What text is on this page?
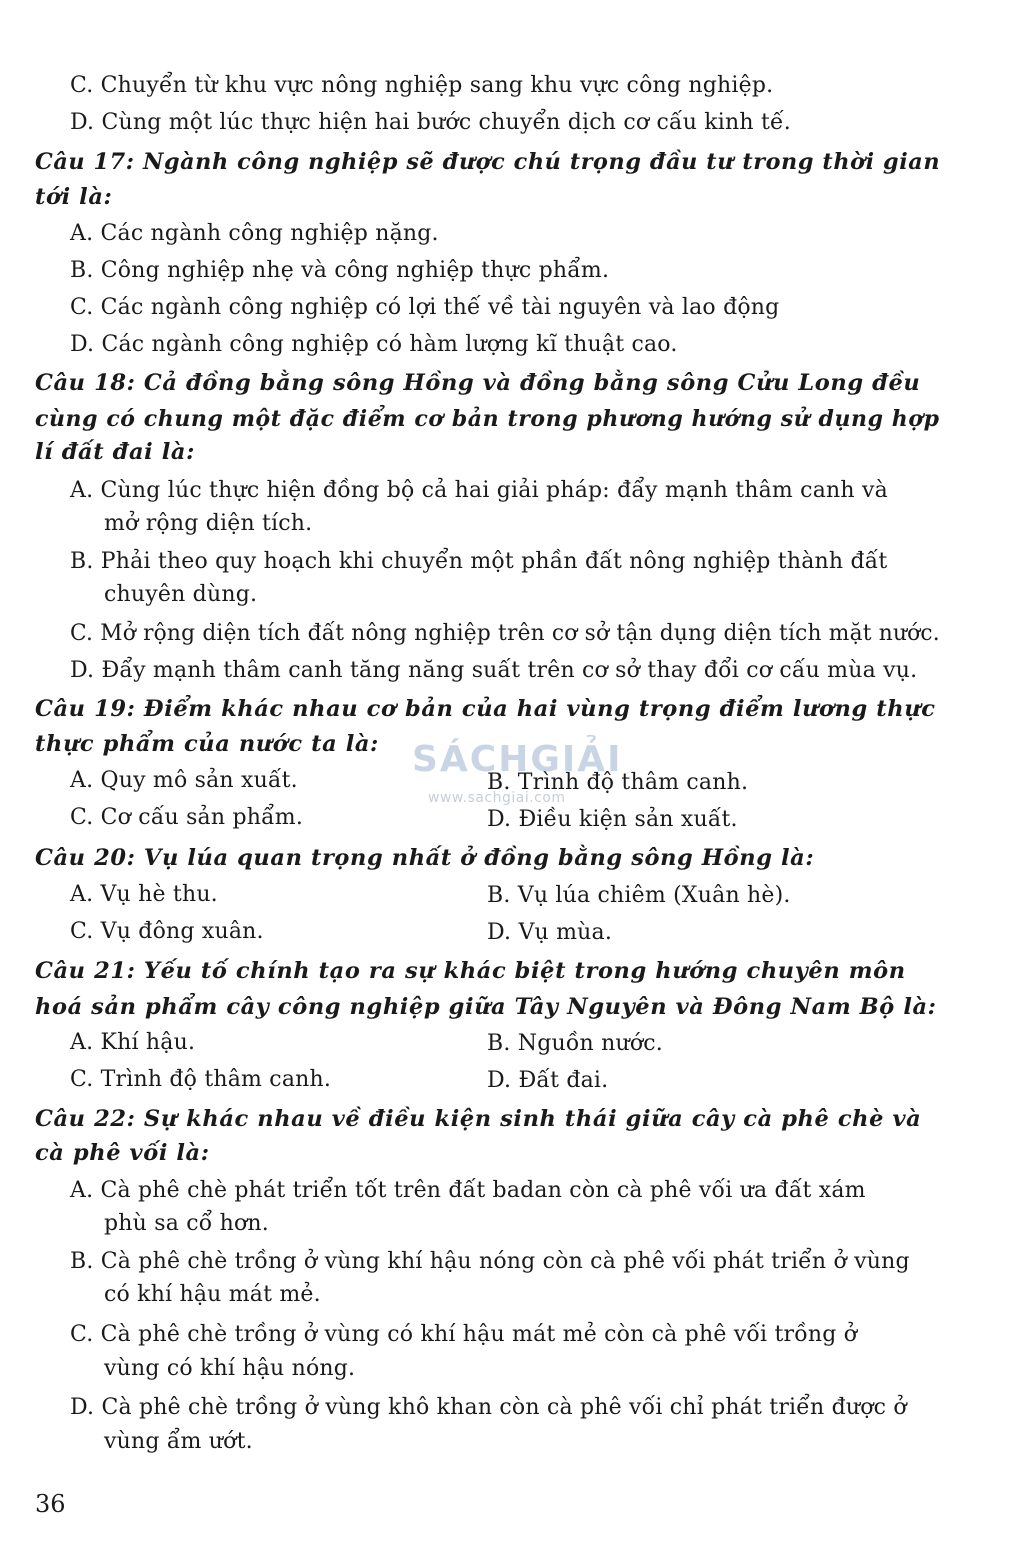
C. Chuyển từ khu vực nông nghiệp sang khu vực công nghiệp.
D. Cùng một lúc thực hiện hai bước chuyển dịch cơ cấu kinh tế.
Câu 17: Ngành công nghiệp sẽ được chú trọng đầu tư trong thời gian
tới là:
A. Các ngành công nghiệp nặng.
B. Công nghiệp nhẹ và công nghiệp thực phẩm.
C. Các ngành công nghiệp có lợi thế về tài nguyên và lao động
D. Các ngành công nghiệp có hàm lượng kĩ thuật cao.
Câu 18: Cả đồng bằng sông Hồng và đồng bằng sông Cửu Long đều
cùng có chung một đặc điểm cơ bản trong phương hướng sử dụng hợp
lí đất đai là:
A. Cùng lúc thực hiện đồng bộ cả hai giải pháp: đẩy mạnh thâm canh và
mở rộng diện tích.
B. Phải theo quy hoạch khi chuyển một phần đất nông nghiệp thành đất
chuyên dùng.
C. Mở rộng diện tích đất nông nghiệp trên cơ sở tận dụng diện tích mặt nước.
D. Đẩy mạnh thâm canh tăng năng suất trên cơ sở thay đổi cơ cấu mùa vụ.
Câu 19: Điểm khác nhau cơ bản của hai vùng trọng điểm lương thực
thực phẩm của nước ta là:
A. Quy mô sản xuất.	B. Trình độ thâm canh.
C. Cơ cấu sản phẩm.	D. Điều kiện sản xuất.
SÁCHGIẢI
www.sachgiai.com
Câu 20: Vụ lúa quan trọng nhất ở đồng bằng sông Hồng là:
A. Vụ hè thu.	B. Vụ lúa chiêm (Xuân hè).
C. Vụ đông xuân.	D. Vụ mùa.
Câu 21: Yếu tố chính tạo ra sự khác biệt trong hướng chuyên môn
hoá sản phẩm cây công nghiệp giữa Tây Nguyên và Đông Nam Bộ là:
A. Khí hậu.	B. Nguồn nước.
C. Trình độ thâm canh.	D. Đất đai.
Câu 22: Sự khác nhau về điều kiện sinh thái giữa cây cà phê chè và
cà phê vối là:
A. Cà phê chè phát triển tốt trên đất badan còn cà phê vối ưa đất xám
phù sa cổ hơn.
B. Cà phê chè trồng ở vùng khí hậu nóng còn cà phê vối phát triển ở vùng
có khí hậu mát mẻ.
C. Cà phê chè trồng ở vùng có khí hậu mát mẻ còn cà phê vối trồng ở
vùng có khí hậu nóng.
D. Cà phê chè trồng ở vùng khô khan còn cà phê vối chỉ phát triển được ở
vùng ẩm ướt.
36
